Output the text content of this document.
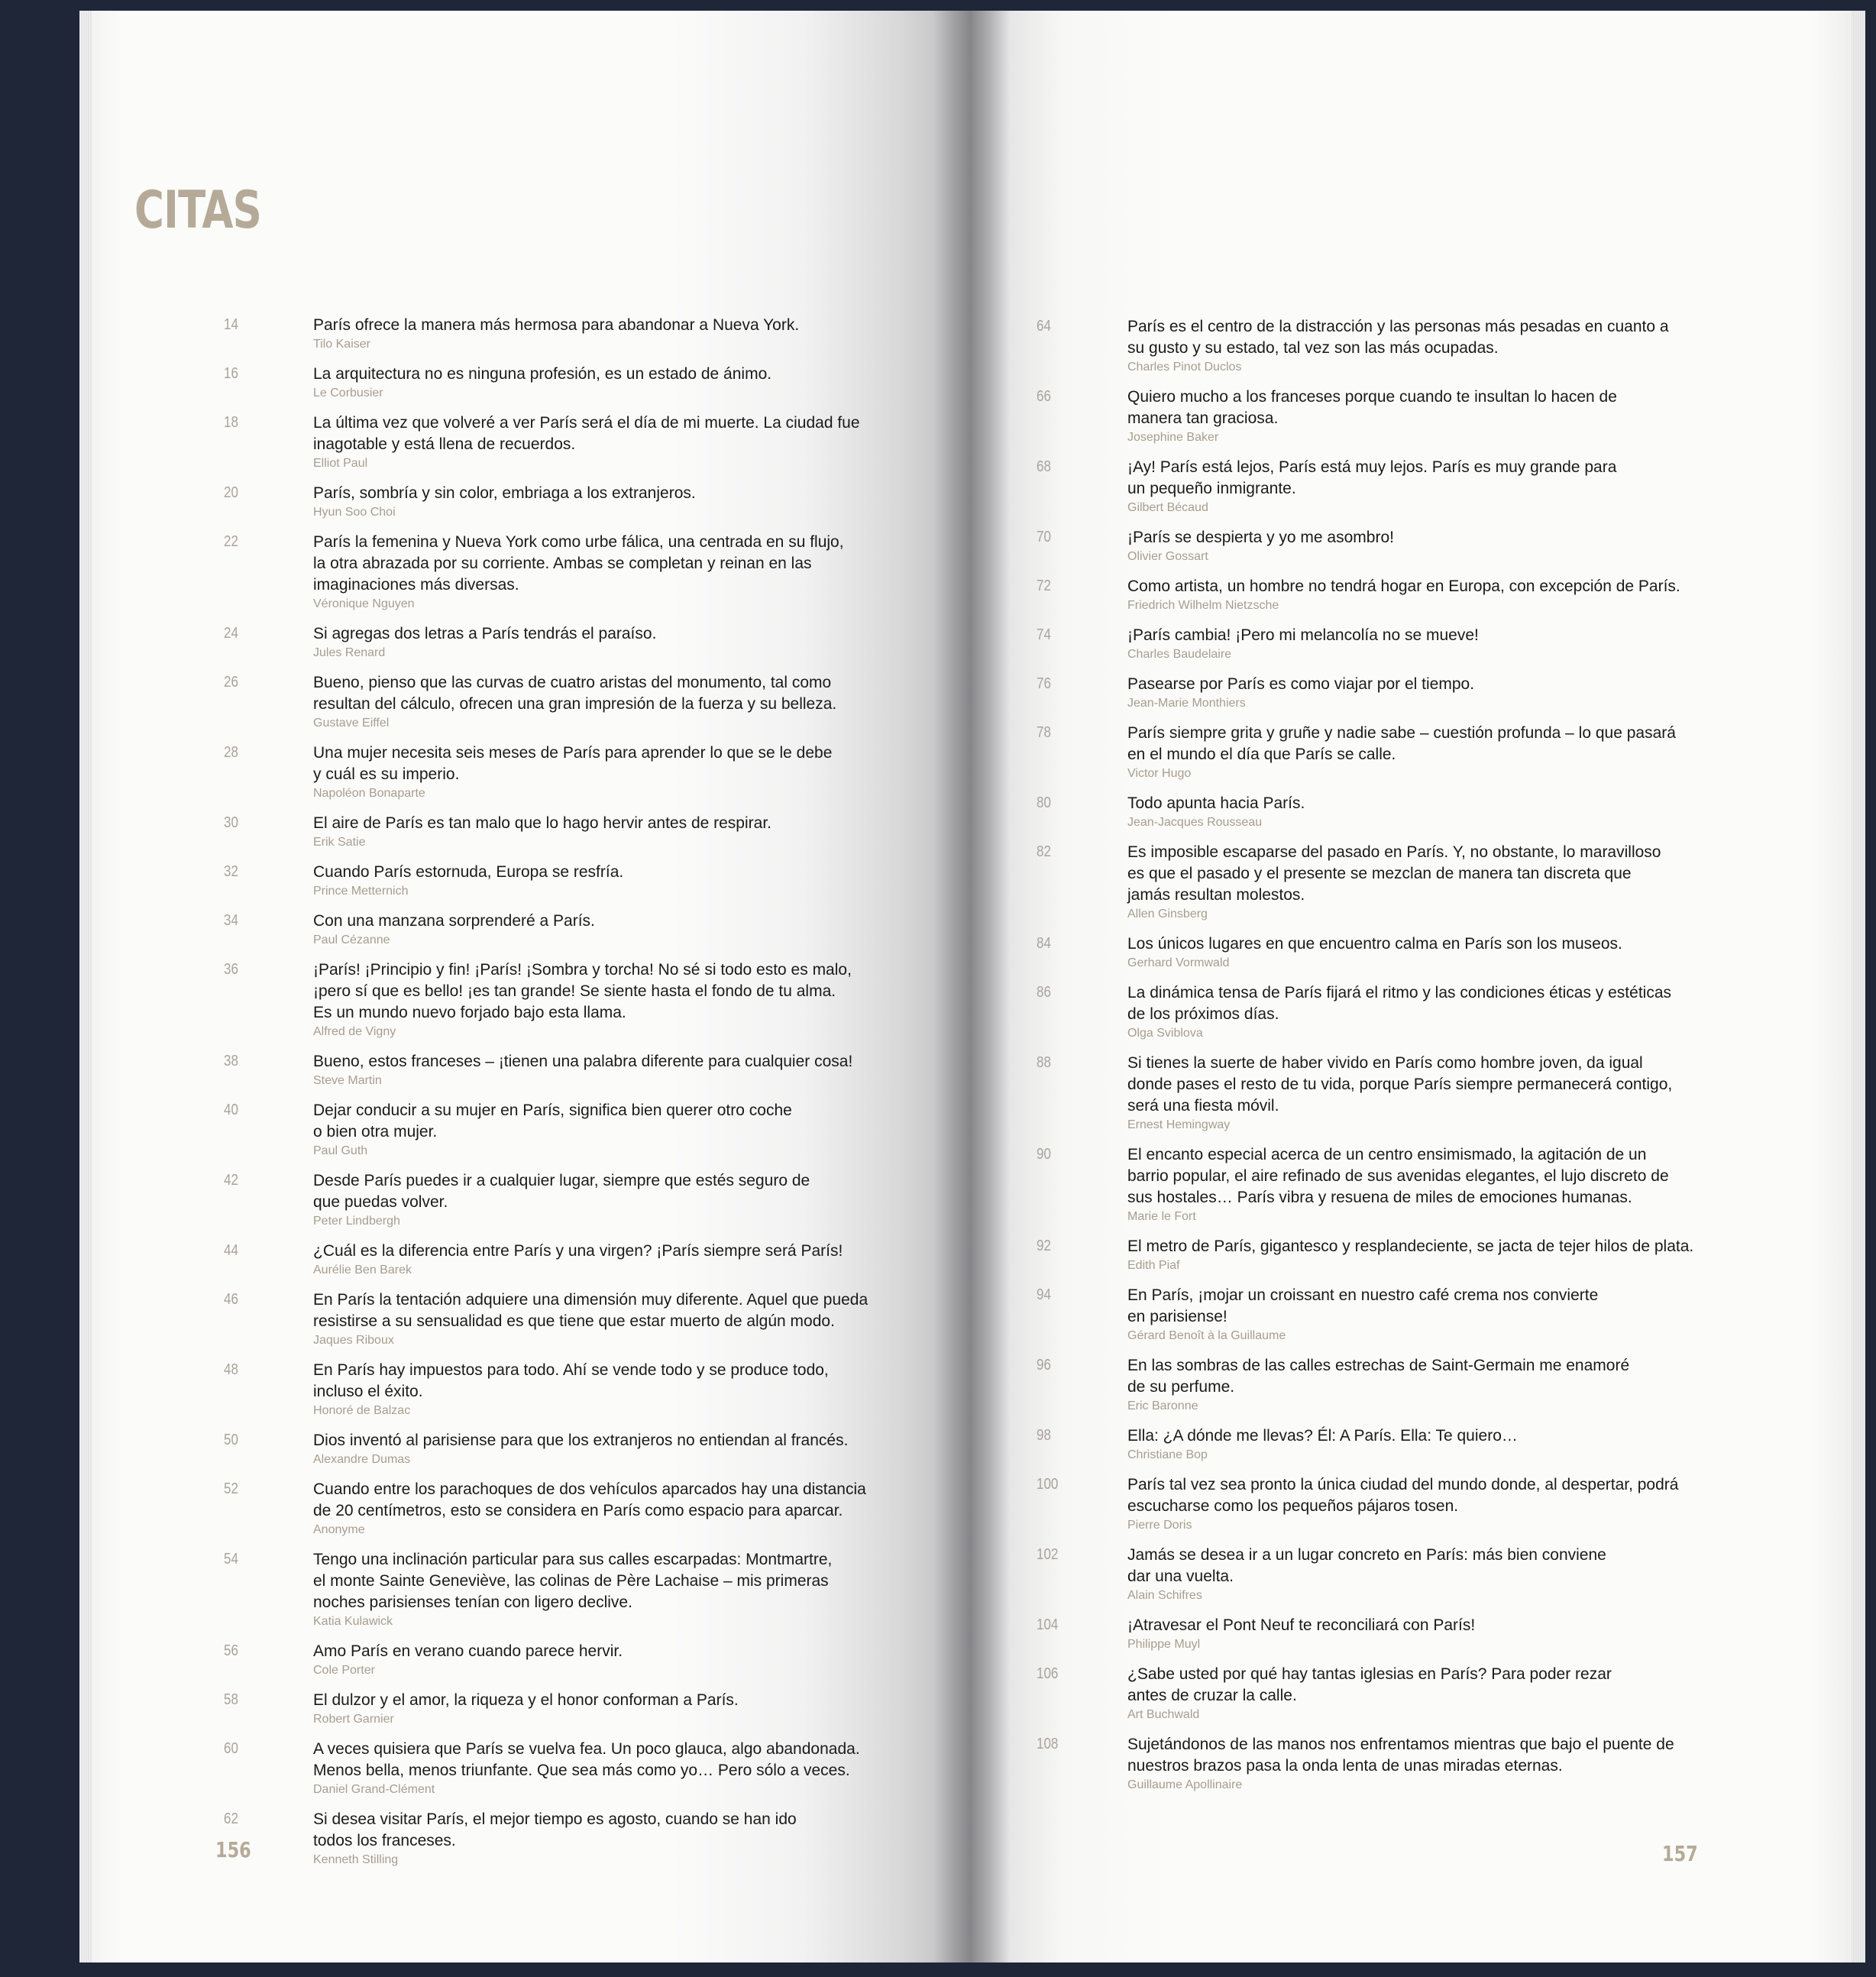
CITAS
14	París ofrece la manera más hermosa para abandonar a Nueva York.
Tilo Kaiser
16	La arquitectura no es ninguna profesión, es un estado de ánimo.
Le Corbusier
18	La última vez que volveré a ver París será el día de mi muerte. La ciudad fue
inagotable y está llena de recuerdos.
Elliot Paul
20	París, sombría y sin color, embriaga a los extranjeros.
Hyun Soo Choi
22	París la femenina y Nueva York como urbe fálica, una centrada en su flujo,
la otra abrazada por su corriente. Ambas se completan y reinan en las
imaginaciones más diversas.
Véronique Nguyen
24	Si agregas dos letras a París tendrás el paraíso.
Jules Renard
26	Bueno, pienso que las curvas de cuatro aristas del monumento, tal como
resultan del cálculo, ofrecen una gran impresión de la fuerza y su belleza.
Gustave Eiffel
28	Una mujer necesita seis meses de París para aprender lo que se le debe
y cuál es su imperio.
Napoléon Bonaparte
30	El aire de París es tan malo que lo hago hervir antes de respirar.
Erik Satie
32	Cuando París estornuda, Europa se resfría.
Prince Metternich
34	Con una manzana sorprenderé a París.
Paul Cézanne
36	¡París! ¡Principio y fin! ¡París! ¡Sombra y torcha! No sé si todo esto es malo,
¡pero sí que es bello! ¡es tan grande! Se siente hasta el fondo de tu alma.
Es un mundo nuevo forjado bajo esta llama.
Alfred de Vigny
38	Bueno, estos franceses – ¡tienen una palabra diferente para cualquier cosa!
Steve Martin
40	Dejar conducir a su mujer en París, significa bien querer otro coche
o bien otra mujer.
Paul Guth
42	Desde París puedes ir a cualquier lugar, siempre que estés seguro de
que puedas volver.
Peter Lindbergh
44	¿Cuál es la diferencia entre París y una virgen? ¡París siempre será París!
Aurélie Ben Barek
46	En París la tentación adquiere una dimensión muy diferente. Aquel que pueda
resistirse a su sensualidad es que tiene que estar muerto de algún modo.
Jaques Riboux
48	En París hay impuestos para todo. Ahí se vende todo y se produce todo,
incluso el éxito.
Honoré de Balzac
50	Dios inventó al parisiense para que los extranjeros no entiendan al francés.
Alexandre Dumas
52	Cuando entre los parachoques de dos vehículos aparcados hay una distancia
de 20 centímetros, esto se considera en París como espacio para aparcar.
Anonyme
54	Tengo una inclinación particular para sus calles escarpadas: Montmartre,
el monte Sainte Geneviève, las colinas de Père Lachaise – mis primeras
noches parisienses tenían con ligero declive.
Katia Kulawick
56	Amo París en verano cuando parece hervir.
Cole Porter
58	El dulzor y el amor, la riqueza y el honor conforman a París.
Robert Garnier
60	A veces quisiera que París se vuelva fea. Un poco glauca, algo abandonada.
Menos bella, menos triunfante. Que sea más como yo… Pero sólo a veces.
Daniel Grand-Clément
62	Si desea visitar París, el mejor tiempo es agosto, cuando se han ido
todos los franceses.
Kenneth Stilling
64	París es el centro de la distracción y las personas más pesadas en cuanto a
su gusto y su estado, tal vez son las más ocupadas.
Charles Pinot Duclos
66	Quiero mucho a los franceses porque cuando te insultan lo hacen de
manera tan graciosa.
Josephine Baker
68	¡Ay! París está lejos, París está muy lejos. París es muy grande para
un pequeño inmigrante.
Gilbert Bécaud
70	¡París se despierta y yo me asombro!
Olivier Gossart
72	Como artista, un hombre no tendrá hogar en Europa, con excepción de París.
Friedrich Wilhelm Nietzsche
74	¡París cambia! ¡Pero mi melancolía no se mueve!
Charles Baudelaire
76	Pasearse por París es como viajar por el tiempo.
Jean-Marie Monthiers
78	París siempre grita y gruñe y nadie sabe – cuestión profunda – lo que pasará
en el mundo el día que París se calle.
Victor Hugo
80	Todo apunta hacia París.
Jean-Jacques Rousseau
82	Es imposible escaparse del pasado en París. Y, no obstante, lo maravilloso
es que el pasado y el presente se mezclan de manera tan discreta que
jamás resultan molestos.
Allen Ginsberg
84	Los únicos lugares en que encuentro calma en París son los museos.
Gerhard Vormwald
86	La dinámica tensa de París fijará el ritmo y las condiciones éticas y estéticas
de los próximos días.
Olga Sviblova
88	Si tienes la suerte de haber vivido en París como hombre joven, da igual
donde pases el resto de tu vida, porque París siempre permanecerá contigo,
será una fiesta móvil.
Ernest Hemingway
90	El encanto especial acerca de un centro ensimismado, la agitación de un
barrio popular, el aire refinado de sus avenidas elegantes, el lujo discreto de
sus hostales… París vibra y resuena de miles de emociones humanas.
Marie le Fort
92	El metro de París, gigantesco y resplandeciente, se jacta de tejer hilos de plata.
Edith Piaf
94	En París, ¡mojar un croissant en nuestro café crema nos convierte
en parisiense!
Gérard Benoît à la Guillaume
96	En las sombras de las calles estrechas de Saint-Germain me enamoré
de su perfume.
Eric Baronne
98	Ella: ¿A dónde me llevas? Él: A París. Ella: Te quiero…
Christiane Bop
100	París tal vez sea pronto la única ciudad del mundo donde, al despertar, podrá
escucharse como los pequeños pájaros tosen.
Pierre Doris
102	Jamás se desea ir a un lugar concreto en París: más bien conviene
dar una vuelta.
Alain Schifres
104	¡Atravesar el Pont Neuf te reconciliará con París!
Philippe Muyl
106	¿Sabe usted por qué hay tantas iglesias en París? Para poder rezar
antes de cruzar la calle.
Art Buchwald
108	Sujetándonos de las manos nos enfrentamos mientras que bajo el puente de
nuestros brazos pasa la onda lenta de unas miradas eternas.
Guillaume Apollinaire
156	157
